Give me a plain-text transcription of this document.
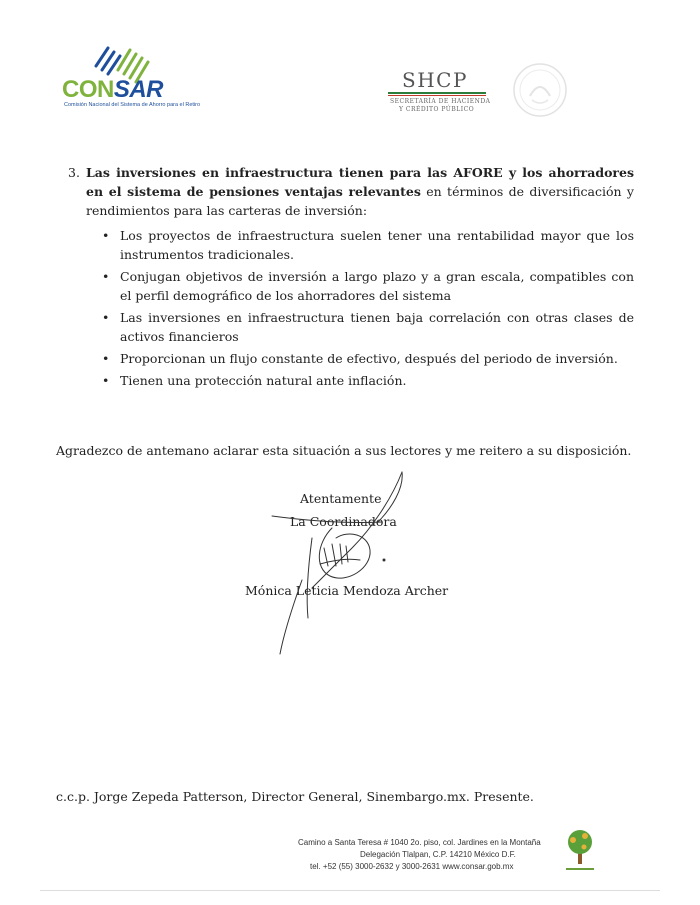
CONSAR
Comisión Nacional del Sistema de Ahorro para el Retiro
SHCP
SECRETARÍA DE HACIENDA
Y CRÉDITO PÚBLICO
3. Las inversiones en infraestructura tienen para las AFORE y los ahorradores en el sistema de pensiones ventajas relevantes en términos de diversificación y rendimientos para las carteras de inversión:
• Los proyectos de infraestructura suelen tener una rentabilidad mayor que los instrumentos tradicionales.
• Conjugan objetivos de inversión a largo plazo y a gran escala, compatibles con el perfil demográfico de los ahorradores del sistema
• Las inversiones en infraestructura tienen baja correlación con otras clases de activos financieros
• Proporcionan un flujo constante de efectivo, después del periodo de inversión.
• Tienen una protección natural ante inflación.
Agradezco de antemano aclarar esta situación a sus lectores y me reitero a su disposición.
Atentamente
La Coordinadora
Mónica Leticia Mendoza Archer
c.c.p. Jorge Zepeda Patterson, Director General, Sinembargo.mx. Presente.
Camino a Santa Teresa # 1040 2o. piso, col. Jardines en la Montaña
Delegación Tlalpan, C.P. 14210 México D.F.
tel. +52 (55) 3000-2632 y 3000-2631 www.consar.gob.mx
